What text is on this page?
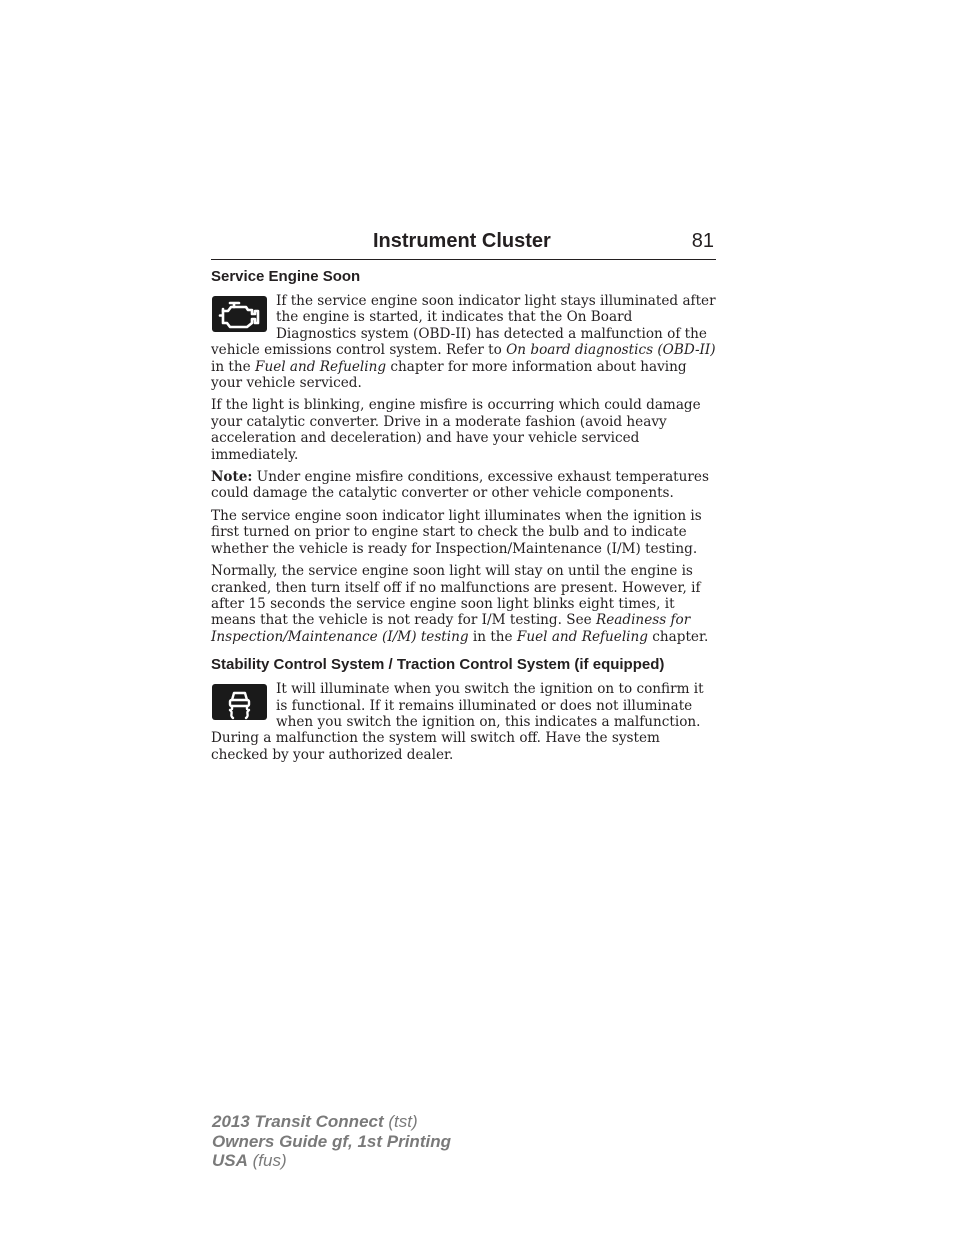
Instrument Cluster	81
Service Engine Soon

If the service engine soon indicator light stays illuminated after the engine is started, it indicates that the On Board Diagnostics system (OBD-II) has detected a malfunction of the vehicle emissions control system. Refer to On board diagnostics (OBD-II) in the Fuel and Refueling chapter for more information about having your vehicle serviced.

If the light is blinking, engine misfire is occurring which could damage your catalytic converter. Drive in a moderate fashion (avoid heavy acceleration and deceleration) and have your vehicle serviced immediately.

Note: Under engine misfire conditions, excessive exhaust temperatures could damage the catalytic converter or other vehicle components.

The service engine soon indicator light illuminates when the ignition is first turned on prior to engine start to check the bulb and to indicate whether the vehicle is ready for Inspection/Maintenance (I/M) testing.

Normally, the service engine soon light will stay on until the engine is cranked, then turn itself off if no malfunctions are present. However, if after 15 seconds the service engine soon light blinks eight times, it means that the vehicle is not ready for I/M testing. See Readiness for Inspection/Maintenance (I/M) testing in the Fuel and Refueling chapter.

Stability Control System / Traction Control System (if equipped)

It will illuminate when you switch the ignition on to confirm it is functional. If it remains illuminated or does not illuminate when you switch the ignition on, this indicates a malfunction. During a malfunction the system will switch off. Have the system checked by your authorized dealer.

2013 Transit Connect (tst)
Owners Guide gf, 1st Printing
USA (fus)
